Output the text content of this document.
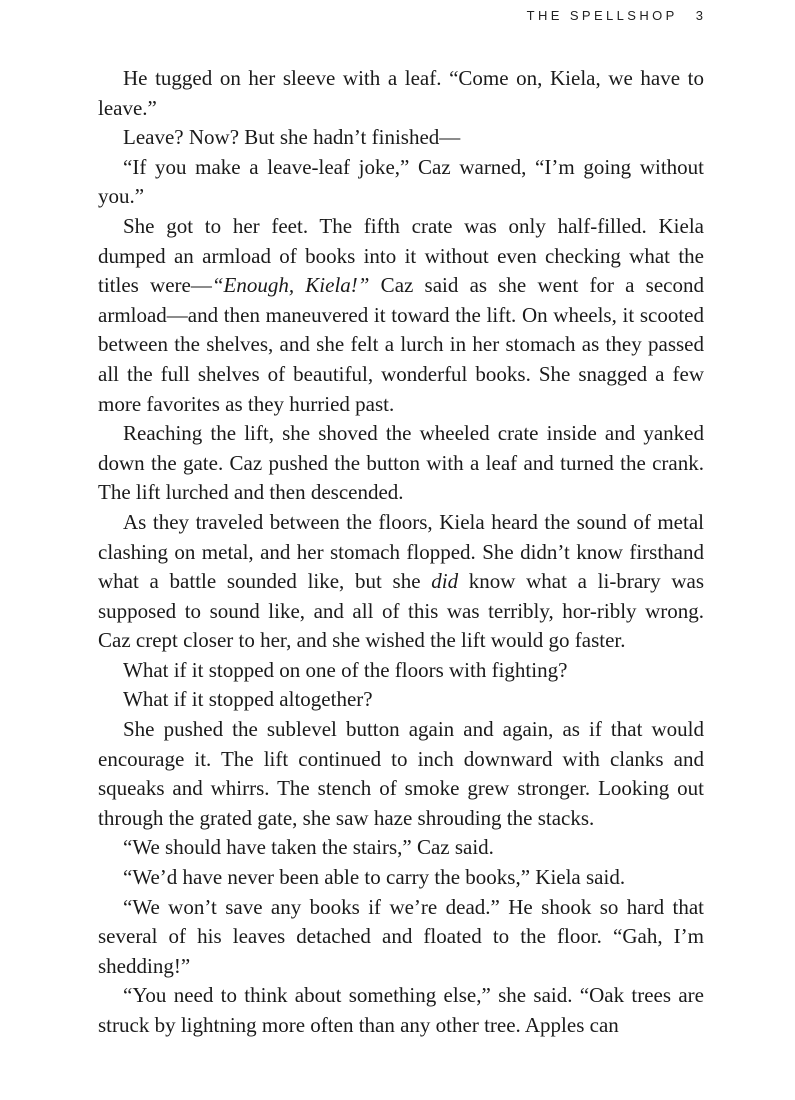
THE SPELLSHOP 3

He tugged on her sleeve with a leaf. “Come on, Kiela, we have to leave.”

Leave? Now? But she hadn’t finished—

“If you make a leave-leaf joke,” Caz warned, “I’m going without you.”

She got to her feet. The fifth crate was only half-filled. Kiela dumped an armload of books into it without even checking what the titles were—“Enough, Kiela!” Caz said as she went for a second armload—and then maneuvered it toward the lift. On wheels, it scooted between the shelves, and she felt a lurch in her stomach as they passed all the full shelves of beautiful, wonderful books. She snagged a few more favorites as they hurried past.

Reaching the lift, she shoved the wheeled crate inside and yanked down the gate. Caz pushed the button with a leaf and turned the crank. The lift lurched and then descended.

As they traveled between the floors, Kiela heard the sound of metal clashing on metal, and her stomach flopped. She didn’t know firsthand what a battle sounded like, but she did know what a li-brary was supposed to sound like, and all of this was terribly, hor-ribly wrong. Caz crept closer to her, and she wished the lift would go faster.

What if it stopped on one of the floors with fighting?

What if it stopped altogether?

She pushed the sublevel button again and again, as if that would encourage it. The lift continued to inch downward with clanks and squeaks and whirrs. The stench of smoke grew stronger. Looking out through the grated gate, she saw haze shrouding the stacks.

“We should have taken the stairs,” Caz said.

“We’d have never been able to carry the books,” Kiela said.

“We won’t save any books if we’re dead.” He shook so hard that several of his leaves detached and floated to the floor. “Gah, I’m shedding!”

“You need to think about something else,” she said. “Oak trees are struck by lightning more often than any other tree. Apples can
